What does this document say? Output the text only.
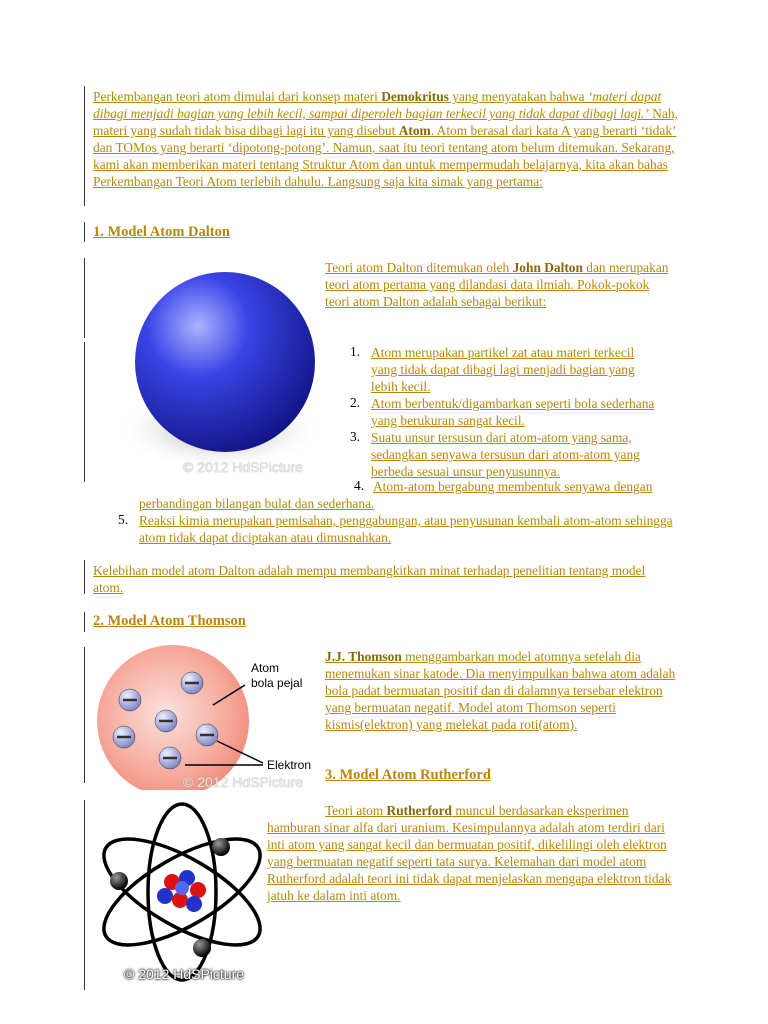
Perkembangan teori atom dimulai dari konsep materi Demokritus yang menyatakan bahwa ‘materi dapat dibagi menjadi bagian yang lebih kecil, sampai diperoleh bagian terkecil yang tidak dapat dibagi lagi.’ Nah, materi yang sudah tidak bisa dibagi lagi itu yang disebut Atom. Atom berasal dari kata A yang berarti ‘tidak’ dan TOMos yang berarti ‘dipotong-potong’. Namun, saat itu teori tentang atom belum ditemukan. Sekarang, kami akan memberikan materi tentang Struktur Atom dan untuk mempermudah belajarnya, kita akan bahas Perkembangan Teori Atom terlebih dahulu. Langsung saja kita simak yang pertama:
1. Model Atom Dalton
© 2012 HdSPicture
Teori atom Dalton ditemukan oleh John Dalton dan merupakan teori atom pertama yang dilandasi data ilmiah. Pokok-pokok teori atom Dalton adalah sebagai berikut:
1. Atom merupakan partikel zat atau materi terkecil yang tidak dapat dibagi lagi menjadi bagian yang lebih kecil.
2. Atom berbentuk/digambarkan seperti bola sederhana yang berukuran sangat kecil.
3. Suatu unsur tersusun dari atom-atom yang sama, sedangkan senyawa tersusun dari atom-atom yang berbeda sesuai unsur penyusunnya.
4. Atom-atom bergabung membentuk senyawa dengan perbandingan bilangan bulat dan sederhana.
5. Reaksi kimia merupakan pemisahan, penggabungan, atau penyusunan kembali atom-atom sehingga atom tidak dapat diciptakan atau dimusnahkan.
Kelebihan model atom Dalton adalah mempu membangkitkan minat terhadap penelitian tentang model atom.
2. Model Atom Thomson
Atom
bola pejal
Elektron
© 2012 HdSPicture
J.J. Thomson menggambarkan model atomnya setelah dia menemukan sinar katode. Dia menyimpulkan bahwa atom adalah bola padat bermuatan positif dan di dalamnya tersebar elektron yang bermuatan negatif. Model atom Thomson seperti kismis(elektron) yang melekat pada roti(atom).
3. Model Atom Rutherford
© 2012 HdSPicture
Teori atom Rutherford muncul berdasarkan eksperimen hamburan sinar alfa dari uranium. Kesimpulannya adalah atom terdiri dari inti atom yang sangat kecil dan bermuatan positif, dikelilingi oleh elektron yang bermuatan negatif seperti tata surya. Kelemahan dari model atom Rutherford adalah teori ini tidak dapat menjelaskan mengapa elektron tidak jatuh ke dalam inti atom.
